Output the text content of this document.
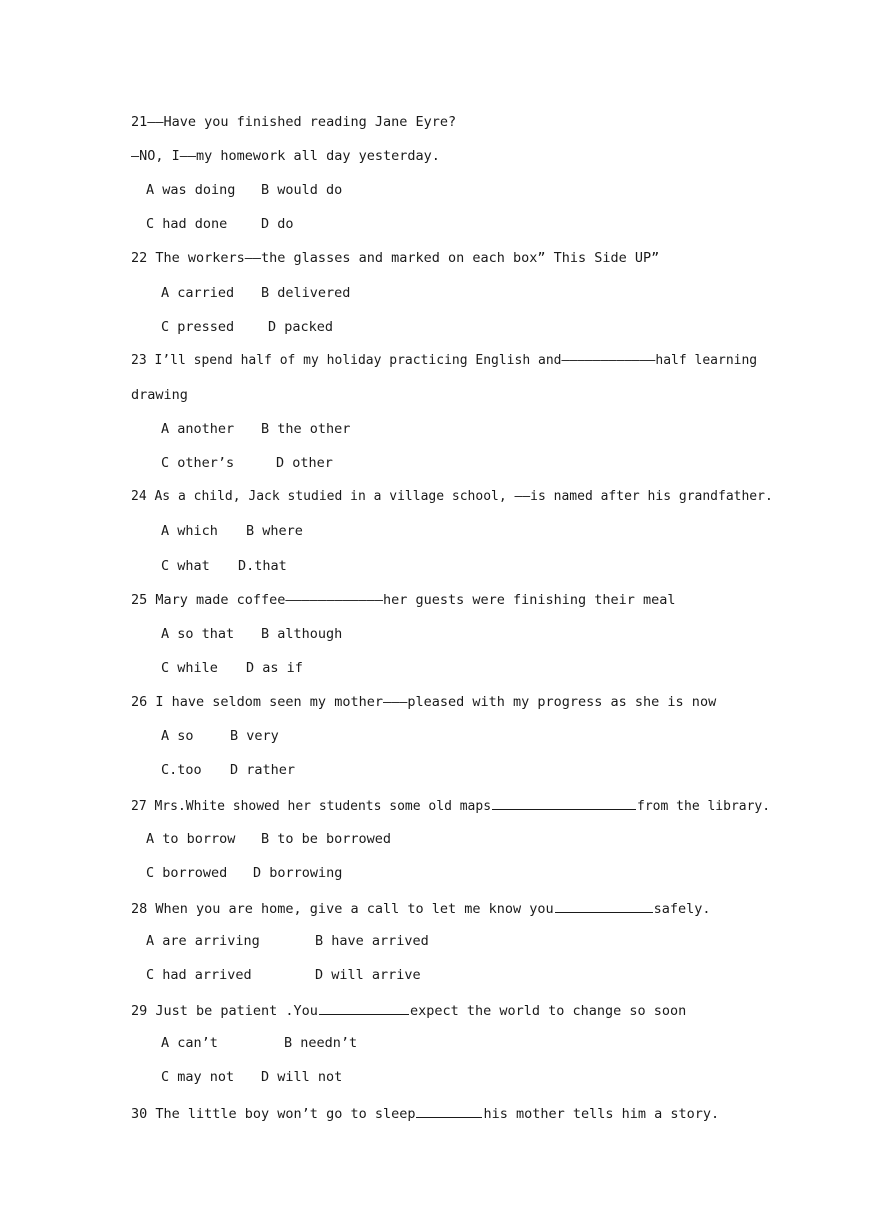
21——Have you finished reading Jane Eyre?
—NO, I——my homework all day yesterday.
A was doing B would do
C had done D do
22 The workers——the glasses and marked on each box” This Side UP”
A carried B delivered
C pressed	D packed
23 I’ll spend half of my holiday practicing English and————————————half learning
drawing
A another B the other
C other’s	D other
24 As a child, Jack studied in a village school, ——is named after his grandfather.
A which B where
C what D.that
25 Mary made coffee————————————her guests were finishing their meal
A so that B although
C while D as if
26 I have seldom seen my mother———pleased with my progress as she is now
A so	B very
C.too D rather
27 Mrs.White showed her students some old maps	from the library.
A to borrow B to be borrowed
C borrowed D borrowing
28 When you are home, give a call to let me know you	safely.
A are arriving	B have arrived
C had arrived	D will arrive
29 Just be patient .You	expect the world to change so soon
A can’t	B needn’t
C may not D will not
30 The little boy won’t go to sleep	his mother tells him a story.
